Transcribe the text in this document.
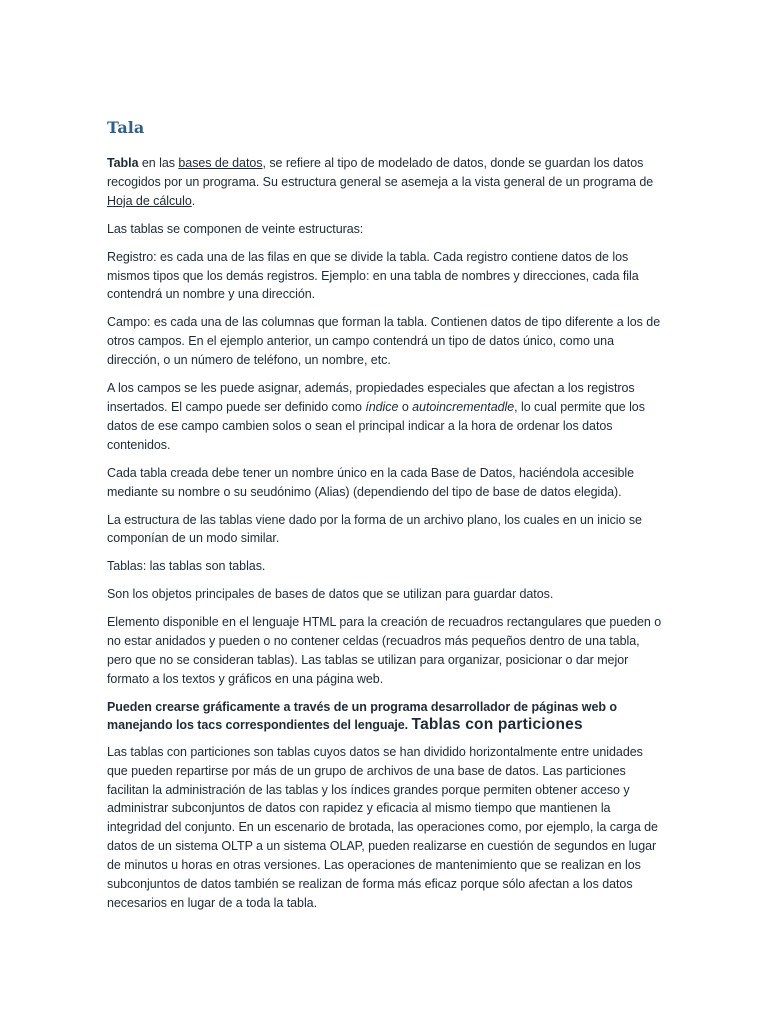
Tala

Tabla en las bases de datos, se refiere al tipo de modelado de datos, donde se guardan los datos recogidos por un programa. Su estructura general se asemeja a la vista general de un programa de Hoja de cálculo.

Las tablas se componen de veinte estructuras:

Registro: es cada una de las filas en que se divide la tabla. Cada registro contiene datos de los mismos tipos que los demás registros. Ejemplo: en una tabla de nombres y direcciones, cada fila contendrá un nombre y una dirección.

Campo: es cada una de las columnas que forman la tabla. Contienen datos de tipo diferente a los de otros campos. En el ejemplo anterior, un campo contendrá un tipo de datos único, como una dirección, o un número de teléfono, un nombre, etc.

A los campos se les puede asignar, además, propiedades especiales que afectan a los registros insertados. El campo puede ser definido como índice o autoincrementadle, lo cual permite que los datos de ese campo cambien solos o sean el principal indicar a la hora de ordenar los datos contenidos.

Cada tabla creada debe tener un nombre único en la cada Base de Datos, haciéndola accesible mediante su nombre o su seudónimo (Alias) (dependiendo del tipo de base de datos elegida).

La estructura de las tablas viene dado por la forma de un archivo plano, los cuales en un inicio se componían de un modo similar.

Tablas: las tablas son tablas.

Son los objetos principales de bases de datos que se utilizan para guardar datos.

Elemento disponible en el lenguaje HTML para la creación de recuadros rectangulares que pueden o no estar anidados y pueden o no contener celdas (recuadros más pequeños dentro de una tabla, pero que no se consideran tablas). Las tablas se utilizan para organizar, posicionar o dar mejor formato a los textos y gráficos en una página web.

Pueden crearse gráficamente a través de un programa desarrollador de páginas web o manejando los tacs correspondientes del lenguaje. Tablas con particiones

Las tablas con particiones son tablas cuyos datos se han dividido horizontalmente entre unidades que pueden repartirse por más de un grupo de archivos de una base de datos. Las particiones facilitan la administración de las tablas y los índices grandes porque permiten obtener acceso y administrar subconjuntos de datos con rapidez y eficacia al mismo tiempo que mantienen la integridad del conjunto. En un escenario de brotada, las operaciones como, por ejemplo, la carga de datos de un sistema OLTP a un sistema OLAP, pueden realizarse en cuestión de segundos en lugar de minutos u horas en otras versiones. Las operaciones de mantenimiento que se realizan en los subconjuntos de datos también se realizan de forma más eficaz porque sólo afectan a los datos necesarios en lugar de a toda la tabla.
